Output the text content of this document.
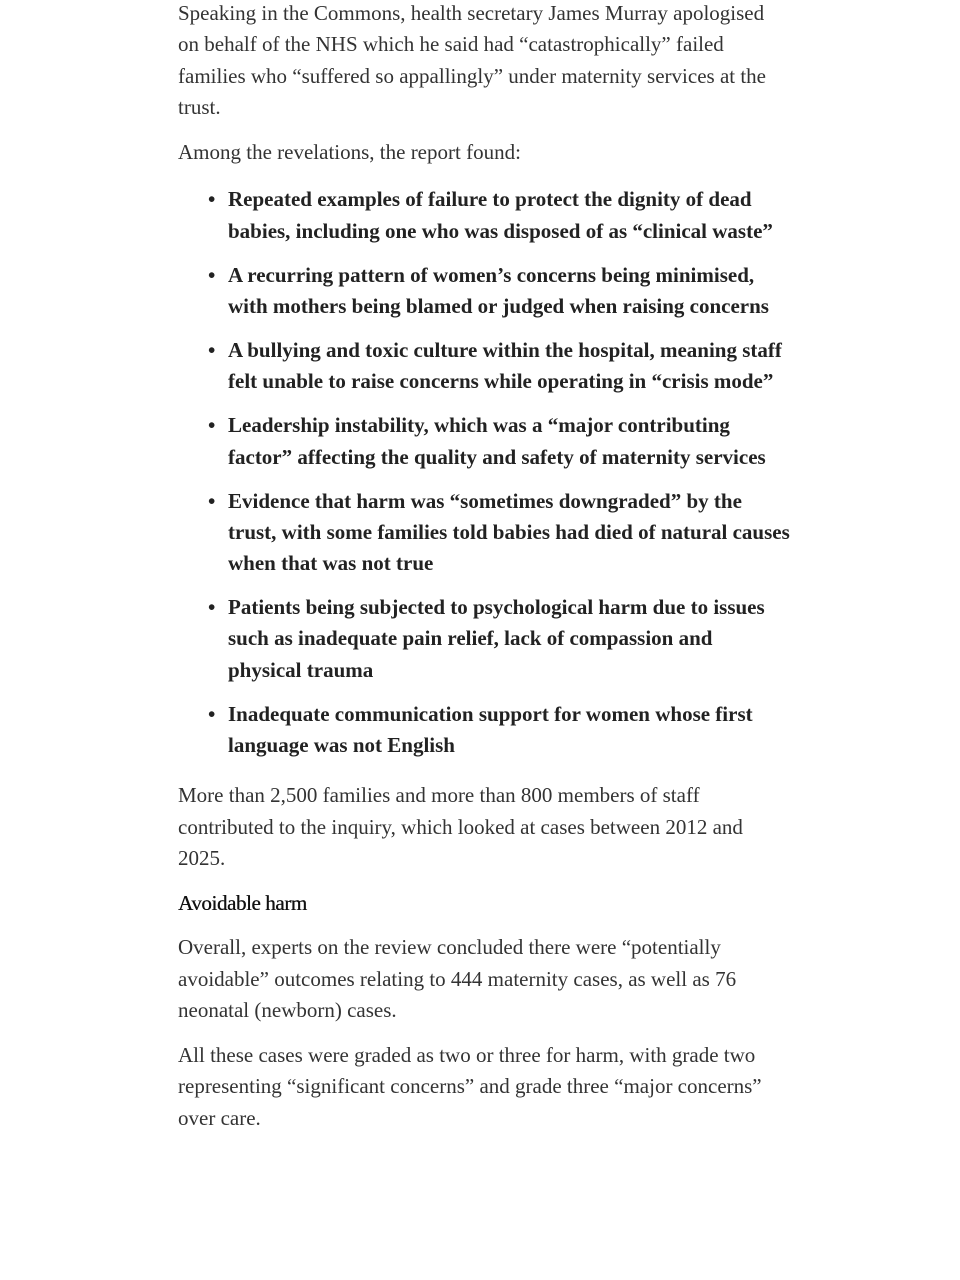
Speaking in the Commons, health secretary James Murray apologised on behalf of the NHS which he said had “catastrophically” failed families who “suffered so appallingly” under maternity services at the trust.

Among the revelations, the report found:

• Repeated examples of failure to protect the dignity of dead babies, including one who was disposed of as “clinical waste”
• A recurring pattern of women’s concerns being minimised, with mothers being blamed or judged when raising concerns
• A bullying and toxic culture within the hospital, meaning staff felt unable to raise concerns while operating in “crisis mode”
• Leadership instability, which was a “major contributing factor” affecting the quality and safety of maternity services
• Evidence that harm was “sometimes downgraded” by the trust, with some families told babies had died of natural causes when that was not true
• Patients being subjected to psychological harm due to issues such as inadequate pain relief, lack of compassion and physical trauma
• Inadequate communication support for women whose first language was not English

More than 2,500 families and more than 800 members of staff contributed to the inquiry, which looked at cases between 2012 and 2025.

Avoidable harm

Overall, experts on the review concluded there were “potentially avoidable” outcomes relating to 444 maternity cases, as well as 76 neonatal (newborn) cases.

All these cases were graded as two or three for harm, with grade two representing “significant concerns” and grade three “major concerns” over care.
